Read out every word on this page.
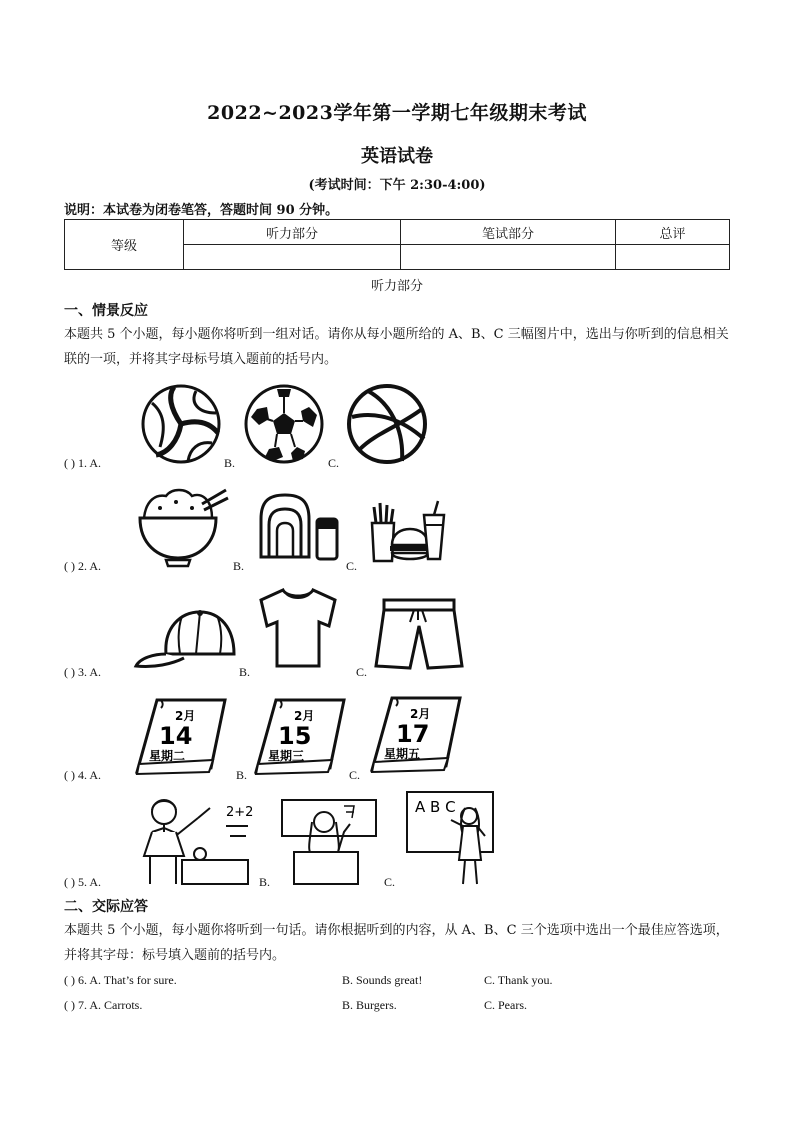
2022~2023学年第一学期七年级期末考试
英语试卷
(考试时间：下午 2:30-4:00)
说明：本试卷为闭卷笔答，答题时间 90 分钟。
等级	听力部分	笔试部分	总评

听力部分
一、情景反应
本题共 5 个小题，每小题你将听到一组对话。请你从每小题所给的 A、B、C 三幅图片中，选出与你听到的信息相关联的一项，并将其字母标号填入题前的括号内。
( ) 1. A.	B.	C.
( ) 2. A.	B.	C.
( ) 3. A.	B.	C.
2月
14
星期二
2月
15
星期三
2月
17
星期五
( ) 4. A.	B.	C.
2+2	A B C
( ) 5. A.	B.	C.
二、交际应答
本题共 5 个小题，每小题你将听到一句话。请你根据听到的内容，从 A、B、C 三个选项中选出一个最佳应答选项，并将其字母：标号填入题前的括号内。
( ) 6. A. That’s for sure.	B. Sounds great!	C. Thank you.
( ) 7. A. Carrots.	B. Burgers.	C. Pears.
